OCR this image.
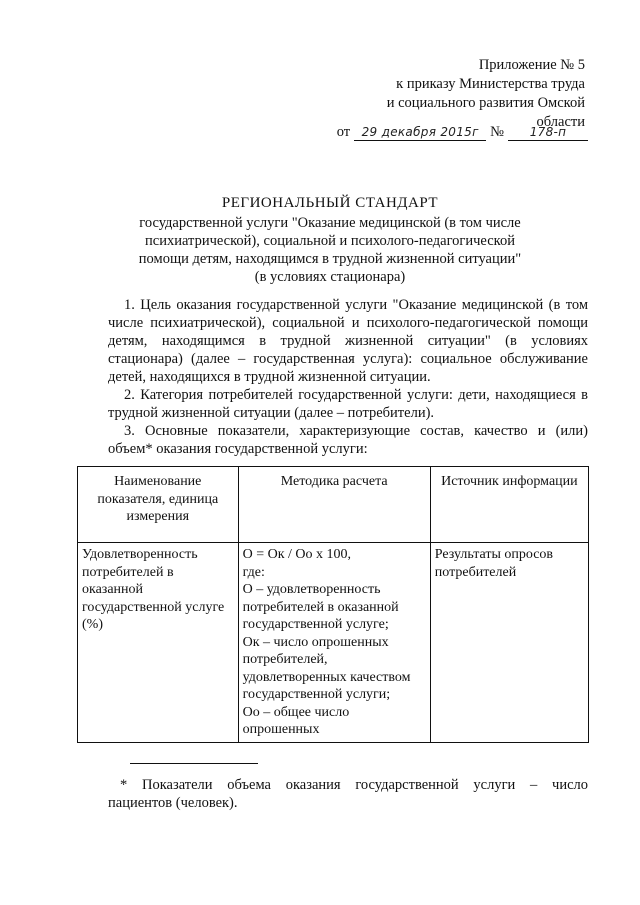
Приложение № 5
к приказу Министерства труда
и социального развития Омской
области
от 29 декабря 2015г №	178-п
РЕГИОНАЛЬНЫЙ СТАНДАРТ
государственной услуги "Оказание медицинской (в том числе
психиатрической), социальной и психолого-педагогической
помощи детям, находящимся в трудной жизненной ситуации"
(в условиях стационара)
1. Цель оказания государственной услуги "Оказание медицинской (в том числе психиатрической), социальной и психолого-педагогической помощи детям, находящимся в трудной жизненной ситуации" (в условиях стационара) (далее – государственная услуга): социальное обслуживание детей, находящихся в трудной жизненной ситуации.
2. Категория потребителей государственной услуги: дети, находящиеся в трудной жизненной ситуации (далее – потребители).
3. Основные показатели, характеризующие состав, качество и (или) объем* оказания государственной услуги:
Наименование показателя, единица измерения	Методика расчета	Источник информации
Удовлетворенность потребителей в оказанной государственной услуге (%)	О = Ок / Оо х 100,
где:
О – удовлетворенность потребителей в оказанной государственной услуге;
Ок – число опрошенных потребителей, удовлетворенных качеством государственной услуги;
Оо – общее число опрошенных	Результаты опросов потребителей
* Показатели объема оказания государственной услуги – число
пациентов (человек).
